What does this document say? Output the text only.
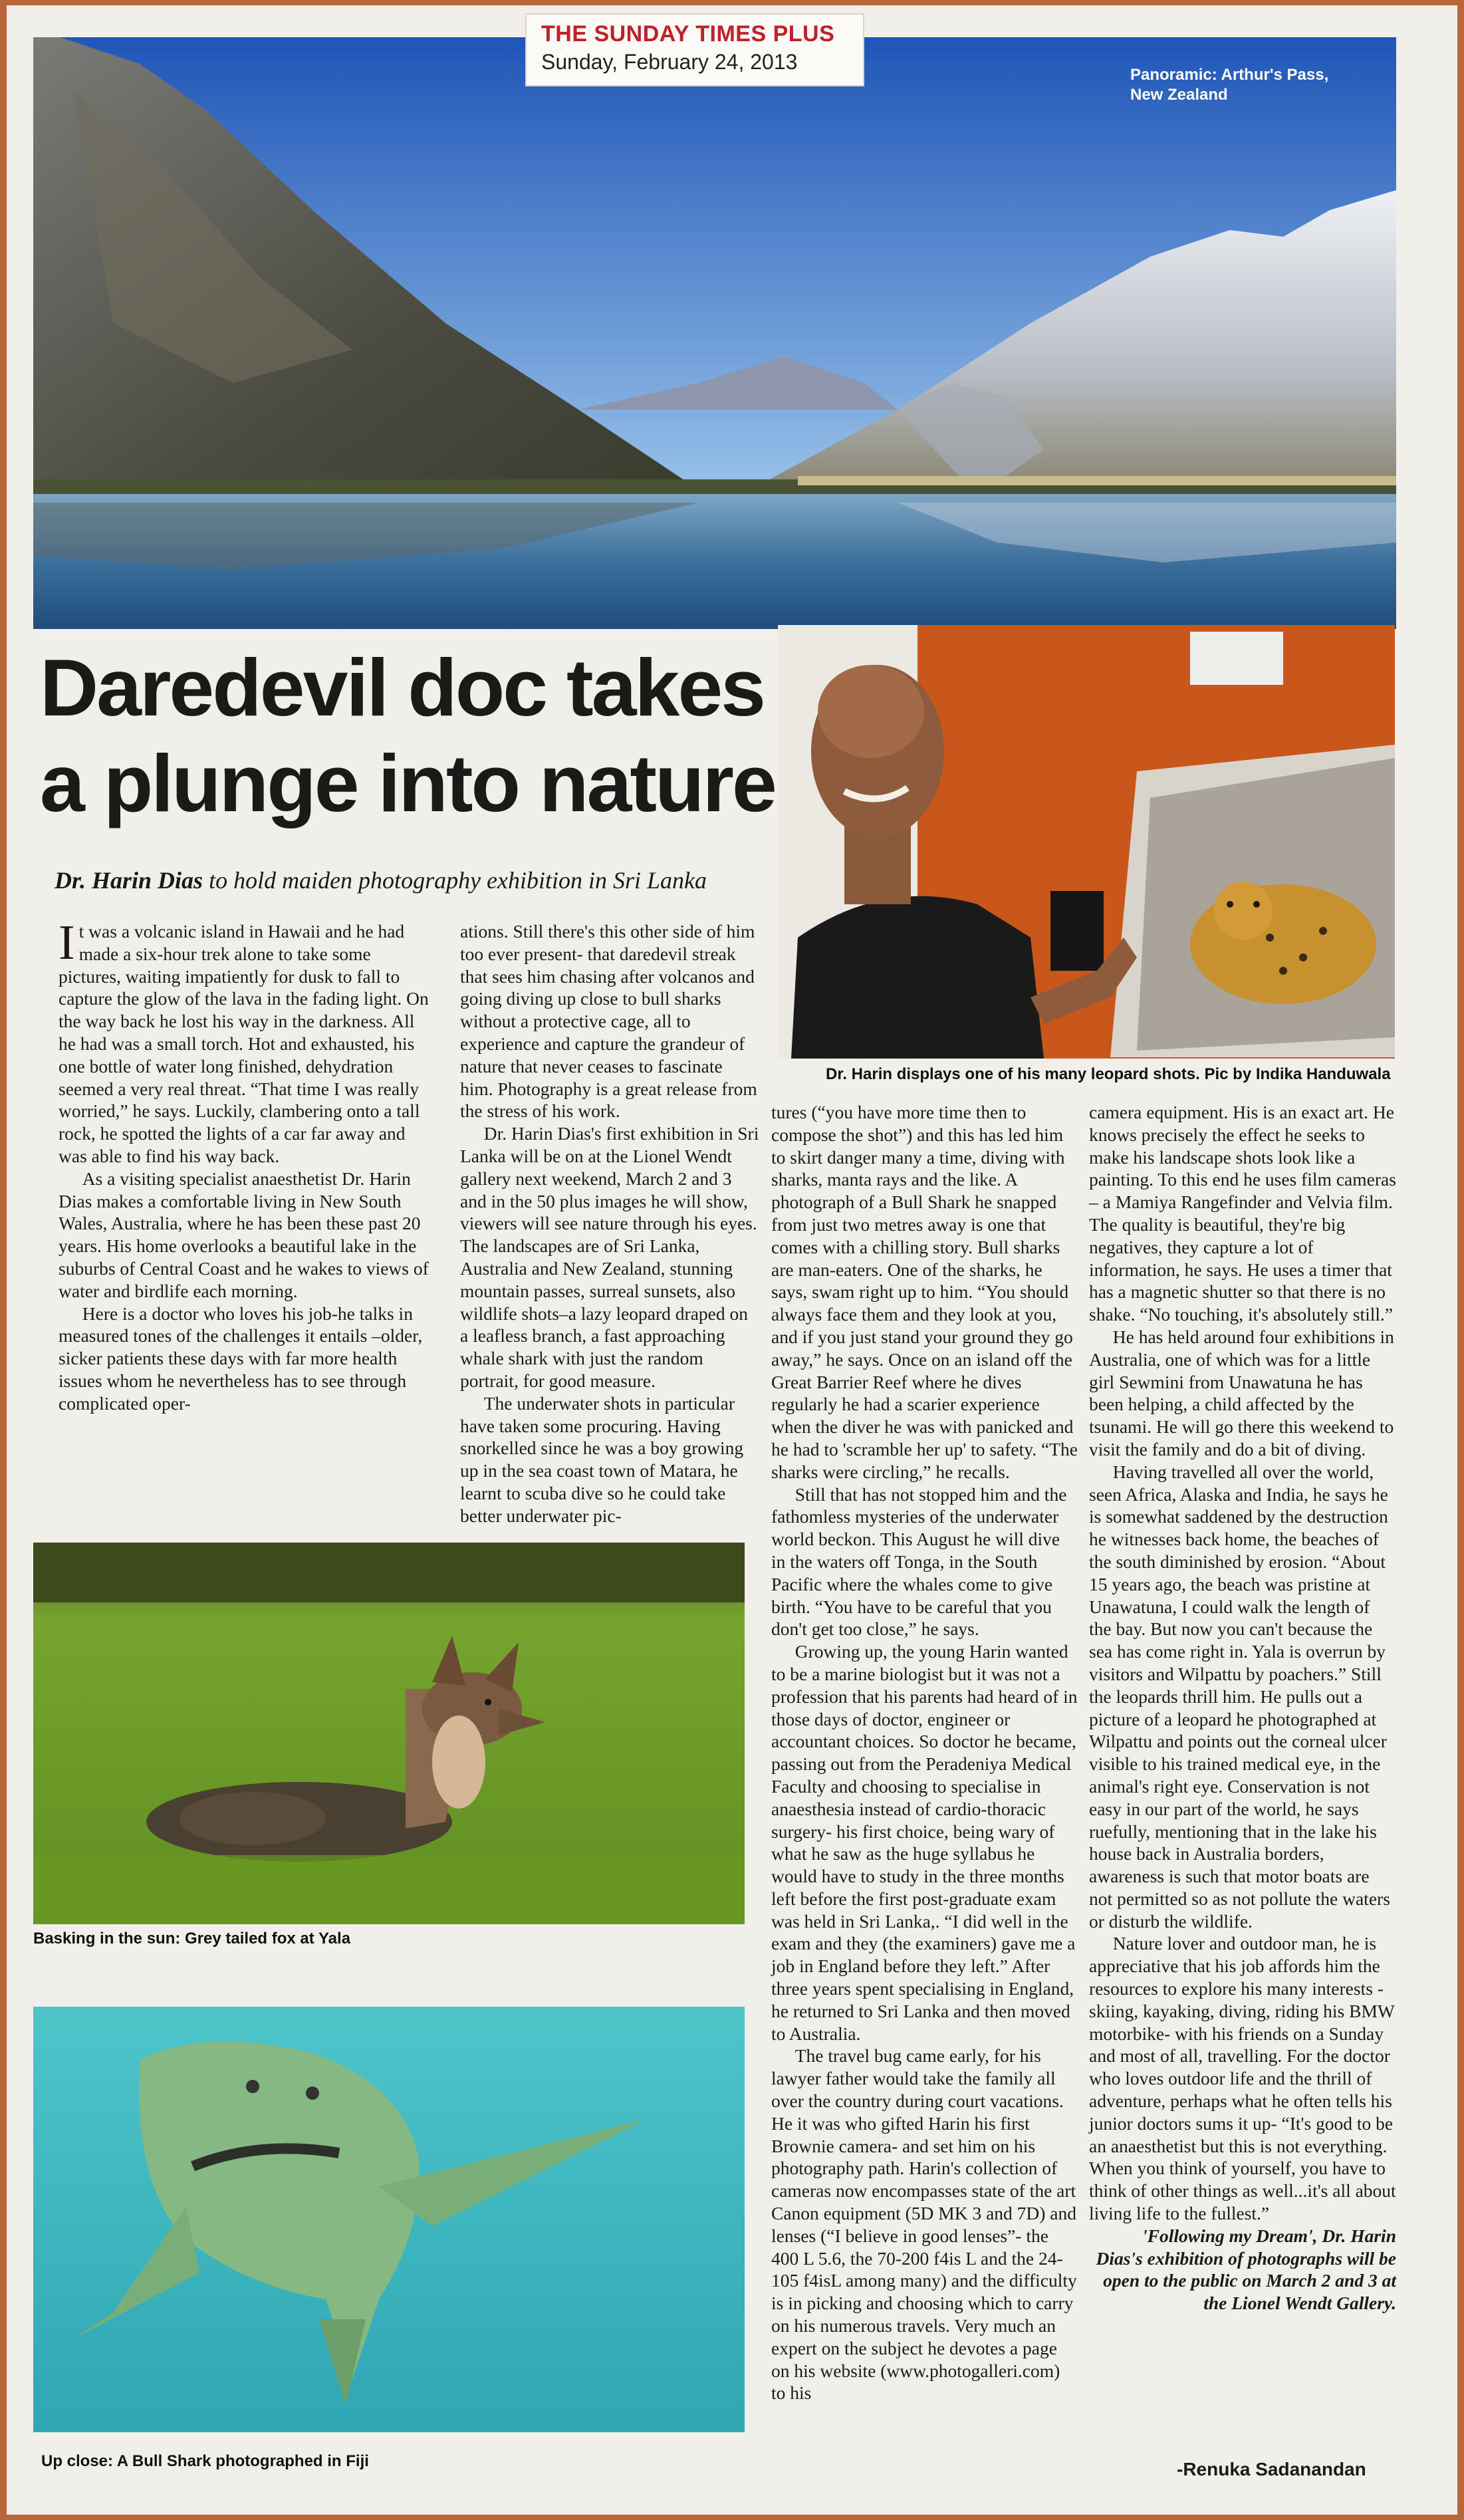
THE SUNDAY TIMES PLUS
Sunday, February 24, 2013
Panoramic: Arthur's Pass, New Zealand
Daredevil doc takes
a plunge into nature
Dr. Harin Dias to hold maiden photography exhibition in Sri Lanka
Dr. Harin displays one of his many leopard shots. Pic by Indika Handuwala
Basking in the sun: Grey tailed fox at Yala
Up close: A Bull Shark photographed in Fiji

It was a volcanic island in Hawaii and he had made a six-hour trek alone to take some pictures, waiting impatiently for dusk to fall to capture the glow of the lava in the fading light. On the way back he lost his way in the darkness. All he had was a small torch. Hot and exhausted, his one bottle of water long finished, dehydration seemed a very real threat. “That time I was really worried,” he says. Luckily, clambering onto a tall rock, he spotted the lights of a car far away and was able to find his way back.

As a visiting specialist anaesthetist Dr. Harin Dias makes a comfortable living in New South Wales, Australia, where he has been these past 20 years. His home overlooks a beautiful lake in the suburbs of Central Coast and he wakes to views of water and birdlife each morning.

Here is a doctor who loves his job-he talks in measured tones of the challenges it entails –older, sicker patients these days with far more health issues whom he nevertheless has to see through complicated oper-

ations. Still there's this other side of him too ever present- that daredevil streak that sees him chasing after volcanos and going diving up close to bull sharks without a protective cage, all to experience and capture the grandeur of nature that never ceases to fascinate him. Photography is a great release from the stress of his work.

Dr. Harin Dias's first exhibition in Sri Lanka will be on at the Lionel Wendt gallery next weekend, March 2 and 3 and in the 50 plus images he will show, viewers will see nature through his eyes. The landscapes are of Sri Lanka, Australia and New Zealand, stunning mountain passes, surreal sunsets, also wildlife shots–a lazy leopard draped on a leafless branch, a fast approaching whale shark with just the random portrait, for good measure.

The underwater shots in particular have taken some procuring. Having snorkelled since he was a boy growing up in the sea coast town of Matara, he learnt to scuba dive so he could take better underwater pic-

tures (“you have more time then to compose the shot”) and this has led him to skirt danger many a time, diving with sharks, manta rays and the like. A photograph of a Bull Shark he snapped from just two metres away is one that comes with a chilling story. Bull sharks are man-eaters. One of the sharks, he says, swam right up to him. “You should always face them and they look at you, and if you just stand your ground they go away,” he says. Once on an island off the Great Barrier Reef where he dives regularly he had a scarier experience when the diver he was with panicked and he had to 'scramble her up' to safety. “The sharks were circling,” he recalls.

Still that has not stopped him and the fathomless mysteries of the underwater world beckon. This August he will dive in the waters off Tonga, in the South Pacific where the whales come to give birth. “You have to be careful that you don't get too close,” he says.

Growing up, the young Harin wanted to be a marine biologist but it was not a profession that his parents had heard of in those days of doctor, engineer or accountant choices. So doctor he became, passing out from the Peradeniya Medical Faculty and choosing to specialise in anaesthesia instead of cardio-thoracic surgery- his first choice, being wary of what he saw as the huge syllabus he would have to study in the three months left before the first post-graduate exam was held in Sri Lanka,. “I did well in the exam and they (the examiners) gave me a job in England before they left.” After three years spent specialising in England, he returned to Sri Lanka and then moved to Australia.

The travel bug came early, for his lawyer father would take the family all over the country during court vacations. He it was who gifted Harin his first Brownie camera- and set him on his photography path. Harin's collection of cameras now encompasses state of the art Canon equipment (5D MK 3 and 7D) and lenses (“I believe in good lenses”- the 400 L 5.6, the 70-200 f4is L and the 24-105 f4isL among many) and the difficulty is in picking and choosing which to carry on his numerous travels. Very much an expert on the subject he devotes a page on his website (www.photogalleri.com) to his

camera equipment. His is an exact art. He knows precisely the effect he seeks to make his landscape shots look like a painting. To this end he uses film cameras – a Mamiya Rangefinder and Velvia film. The quality is beautiful, they're big negatives, they capture a lot of information, he says. He uses a timer that has a magnetic shutter so that there is no shake. “No touching, it's absolutely still.”

He has held around four exhibitions in Australia, one of which was for a little girl Sewmini from Unawatuna he has been helping, a child affected by the tsunami. He will go there this weekend to visit the family and do a bit of diving.

Having travelled all over the world, seen Africa, Alaska and India, he says he is somewhat saddened by the destruction he witnesses back home, the beaches of the south diminished by erosion. “About 15 years ago, the beach was pristine at Unawatuna, I could walk the length of the bay. But now you can't because the sea has come right in. Yala is overrun by visitors and Wilpattu by poachers.” Still the leopards thrill him. He pulls out a picture of a leopard he photographed at Wilpattu and points out the corneal ulcer visible to his trained medical eye, in the animal's right eye. Conservation is not easy in our part of the world, he says ruefully, mentioning that in the lake his house back in Australia borders, awareness is such that motor boats are not permitted so as not pollute the waters or disturb the wildlife.

Nature lover and outdoor man, he is appreciative that his job affords him the resources to explore his many interests -skiing, kayaking, diving, riding his BMW motorbike- with his friends on a Sunday and most of all, travelling. For the doctor who loves outdoor life and the thrill of adventure, perhaps what he often tells his junior doctors sums it up- “It's good to be an anaesthetist but this is not everything. When you think of yourself, you have to think of other things as well...it's all about living life to the fullest.”

'Following my Dream', Dr. Harin Dias's exhibition of photographs will be open to the public on March 2 and 3 at the Lionel Wendt Gallery.

-Renuka Sadanandan
